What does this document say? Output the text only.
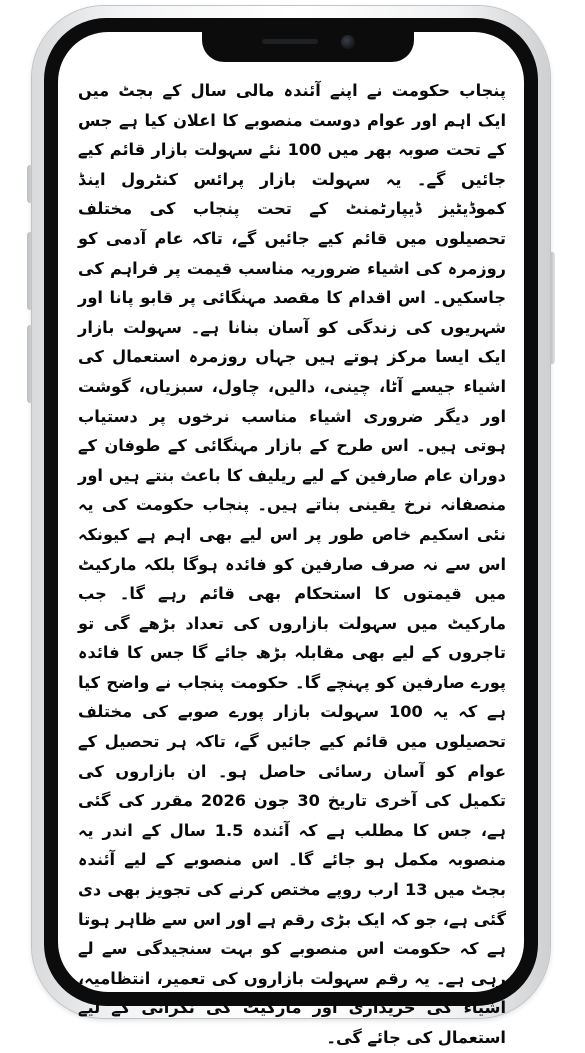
پنجاب حکومت نے اپنے آئندہ مالی سال کے بجٹ میں ایک اہم اور عوام دوست منصوبے کا اعلان کیا ہے جس کے تحت صوبہ بھر میں 100 نئے سہولت بازار قائم کیے جائیں گے۔ یہ سہولت بازار پرائس کنٹرول اینڈ کموڈیٹیز ڈیپارٹمنٹ کے تحت پنجاب کی مختلف تحصیلوں میں قائم کیے جائیں گے، تاکہ عام آدمی کو روزمرہ کی اشیاء ضروریہ مناسب قیمت پر فراہم کی جاسکیں۔ اس اقدام کا مقصد مہنگائی پر قابو پانا اور شہریوں کی زندگی کو آسان بنانا ہے۔ سہولت بازار ایک ایسا مرکز ہوتے ہیں جہاں روزمرہ استعمال کی اشیاء جیسے آٹا، چینی، دالیں، چاول، سبزیاں، گوشت اور دیگر ضروری اشیاء مناسب نرخوں پر دستیاب ہوتی ہیں۔ اس طرح کے بازار مہنگائی کے طوفان کے دوران عام صارفین کے لیے ریلیف کا باعث بنتے ہیں اور منصفانہ نرخ یقینی بناتے ہیں۔ پنجاب حکومت کی یہ نئی اسکیم خاص طور پر اس لیے بھی اہم ہے کیونکہ اس سے نہ صرف صارفین کو فائدہ ہوگا بلکہ مارکیٹ میں قیمتوں کا استحکام بھی قائم رہے گا۔ جب مارکیٹ میں سہولت بازاروں کی تعداد بڑھے گی تو تاجروں کے لیے بھی مقابلہ بڑھ جائے گا جس کا فائدہ پورے صارفین کو پہنچے گا۔ حکومت پنجاب نے واضح کیا ہے کہ یہ 100 سہولت بازار پورے صوبے کی مختلف تحصیلوں میں قائم کیے جائیں گے، تاکہ ہر تحصیل کے عوام کو آسان رسائی حاصل ہو۔ ان بازاروں کی تکمیل کی آخری تاریخ 30 جون 2026 مقرر کی گئی ہے، جس کا مطلب ہے کہ آئندہ 1.5 سال کے اندر یہ منصوبہ مکمل ہو جائے گا۔ اس منصوبے کے لیے آئندہ بجٹ میں 13 ارب روپے مختص کرنے کی تجویز بھی دی گئی ہے، جو کہ ایک بڑی رقم ہے اور اس سے ظاہر ہوتا ہے کہ حکومت اس منصوبے کو بہت سنجیدگی سے لے رہی ہے۔ یہ رقم سہولت بازاروں کی تعمیر، انتظامیہ، اشیاء کی خریداری اور مارکیٹ کی نگرانی کے لیے استعمال کی جائے گی۔
